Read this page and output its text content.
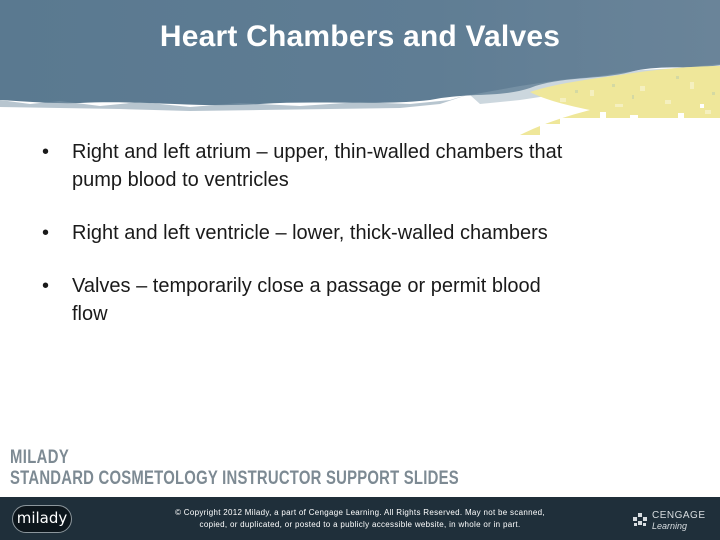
Heart Chambers and Valves
• Right and left atrium – upper, thin-walled chambers that
pump blood to ventricles
• Right and left ventricle – lower, thick-walled chambers
• Valves – temporarily close a passage or permit blood
flow
MILADY
STANDARD COSMETOLOGY INSTRUCTOR SUPPORT SLIDES
milady	© Copyright 2012 Milady, a part of Cengage Learning. All Rights Reserved. May not be scanned,
copied, or duplicated, or posted to a publicly accessible website, in whole or in part.
CENGAGE
Learning
